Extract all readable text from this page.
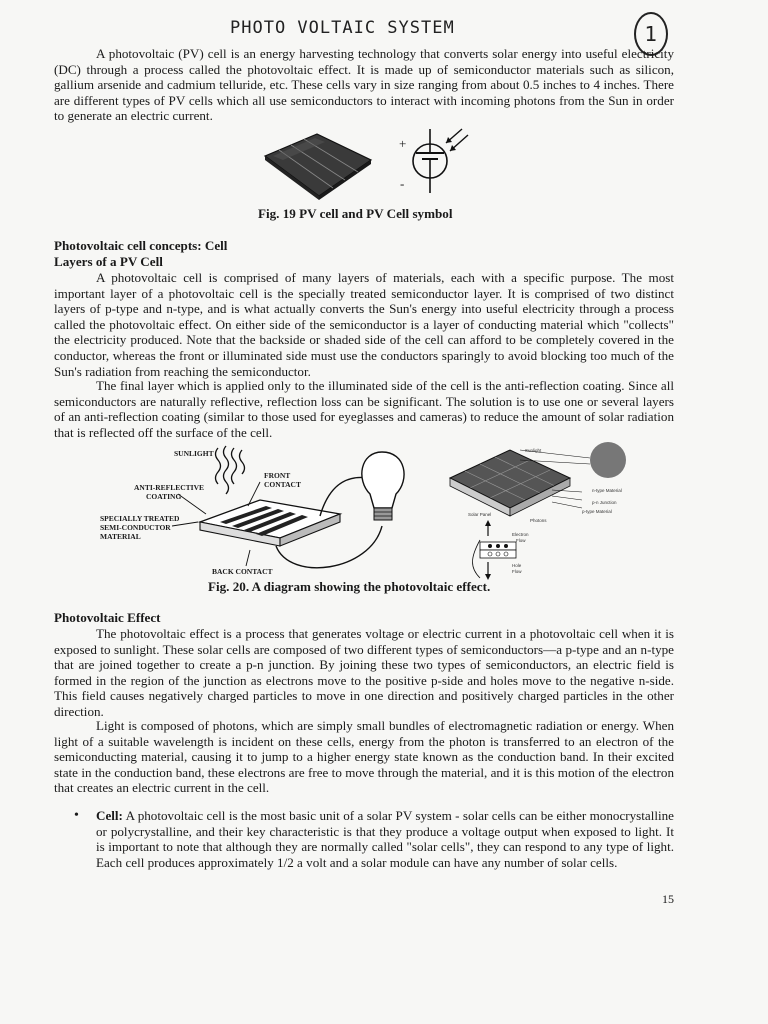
PHOTO VOLTAIC SYSTEM	1

A photovoltaic (PV) cell is an energy harvesting technology that converts solar energy into useful electricity (DC) through a process called the photovoltaic effect. It is made up of semiconductor materials such as silicon, gallium arsenide and cadmium telluride, etc. These cells vary in size ranging from about 0.5 inches to 4 inches. There are different types of PV cells which all use semiconductors to interact with incoming photons from the Sun in order to generate an electric current.

+
-
Fig. 19 PV cell and PV Cell symbol
Photovoltaic cell concepts: Cell
Layers of a PV Cell

A photovoltaic cell is comprised of many layers of materials, each with a specific purpose. The most important layer of a photovoltaic cell is the specially treated semiconductor layer. It is comprised of two distinct layers of p-type and n-type, and is what actually converts the Sun's energy into useful electricity through a process called the photovoltaic effect. On either side of the semiconductor is a layer of conducting material which "collects" the electricity produced. Note that the backside or shaded side of the cell can afford to be completely covered in the conductor, whereas the front or illuminated side must use the conductors sparingly to avoid blocking too much of the Sun's radiation from reaching the semiconductor.

The final layer which is applied only to the illuminated side of the cell is the anti-reflection coating. Since all semiconductors are naturally reflective, reflection loss can be significant. The solution is to use one or several layers of an anti-reflection coating (similar to those used for eyeglasses and cameras) to reduce the amount of solar radiation that is reflected off the surface of the cell.

SUNLIGHT
FRONT
CONTACT
ANTI-REFLECTIVE
COATING
SPECIALLY TREATED
SEMI-CONDUCTOR
MATERIAL
BACK CONTACT
Sunlight
n-type Material
p-n Junction
p-type Material
Solar Panel
Photons
Electron
Flow
Hole
Flow
Fig. 20. A diagram showing the photovoltaic effect.
Photovoltaic Effect

The photovoltaic effect is a process that generates voltage or electric current in a photovoltaic cell when it is exposed to sunlight. These solar cells are composed of two different types of semiconductors—a p-type and an n-type that are joined together to create a p-n junction. By joining these two types of semiconductors, an electric field is formed in the region of the junction as electrons move to the positive p-side and holes move to the negative n-side. This field causes negatively charged particles to move in one direction and positively charged particles in the other direction.

Light is composed of photons, which are simply small bundles of electromagnetic radiation or energy. When light of a suitable wavelength is incident on these cells, energy from the photon is transferred to an electron of the semiconducting material, causing it to jump to a higher energy state known as the conduction band. In their excited state in the conduction band, these electrons are free to move through the material, and it is this motion of the electron that creates an electric current in the cell.

• Cell: A photovoltaic cell is the most basic unit of a solar PV system - solar cells can be either monocrystalline or polycrystalline, and their key characteristic is that they produce a voltage output when exposed to light. It is important to note that although they are normally called "solar cells", they can respond to any type of light. Each cell produces approximately 1/2 a volt and a solar module can have any number of solar cells.

15
